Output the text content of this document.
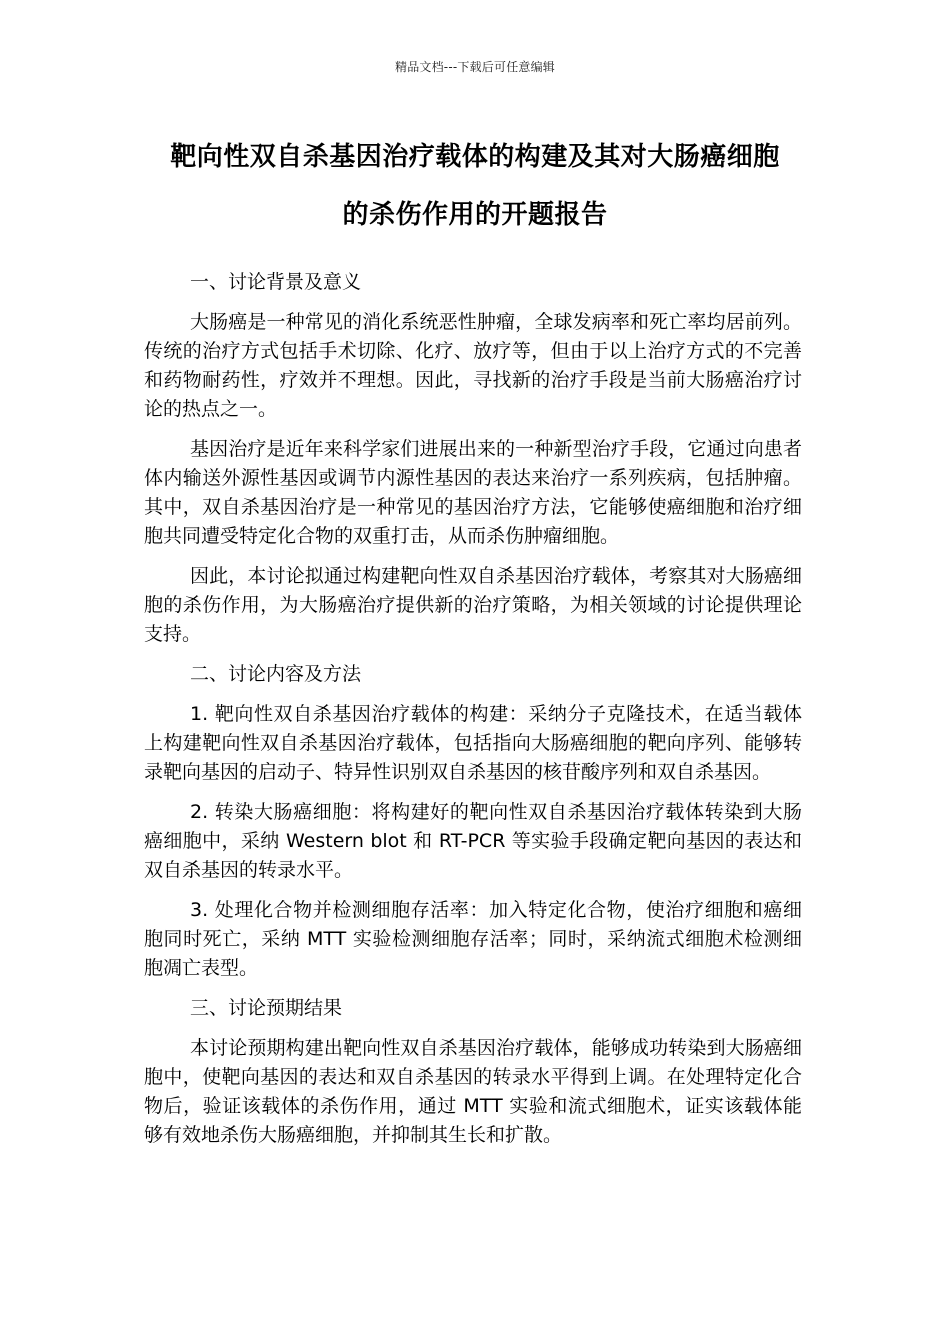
精品文档---下载后可任意编辑
靶向性双自杀基因治疗载体的构建及其对大肠癌细胞
的杀伤作用的开题报告

一、讨论背景及意义

大肠癌是一种常见的消化系统恶性肿瘤，全球发病率和死亡率均居前列。传统的治疗方式包括手术切除、化疗、放疗等，但由于以上治疗方式的不完善和药物耐药性，疗效并不理想。因此，寻找新的治疗手段是当前大肠癌治疗讨论的热点之一。

基因治疗是近年来科学家们进展出来的一种新型治疗手段，它通过向患者体内输送外源性基因或调节内源性基因的表达来治疗一系列疾病，包括肿瘤。其中，双自杀基因治疗是一种常见的基因治疗方法，它能够使癌细胞和治疗细胞共同遭受特定化合物的双重打击，从而杀伤肿瘤细胞。

因此，本讨论拟通过构建靶向性双自杀基因治疗载体，考察其对大肠癌细胞的杀伤作用，为大肠癌治疗提供新的治疗策略，为相关领域的讨论提供理论支持。

二、讨论内容及方法

1. 靶向性双自杀基因治疗载体的构建：采纳分子克隆技术，在适当载体上构建靶向性双自杀基因治疗载体，包括指向大肠癌细胞的靶向序列、能够转录靶向基因的启动子、特异性识别双自杀基因的核苷酸序列和双自杀基因。

2. 转染大肠癌细胞：将构建好的靶向性双自杀基因治疗载体转染到大肠癌细胞中，采纳 Western blot 和 RT-PCR 等实验手段确定靶向基因的表达和双自杀基因的转录水平。

3. 处理化合物并检测细胞存活率：加入特定化合物，使治疗细胞和癌细胞同时死亡，采纳 MTT 实验检测细胞存活率；同时，采纳流式细胞术检测细胞凋亡表型。

三、讨论预期结果

本讨论预期构建出靶向性双自杀基因治疗载体，能够成功转染到大肠癌细胞中，使靶向基因的表达和双自杀基因的转录水平得到上调。在处理特定化合物后，验证该载体的杀伤作用，通过 MTT 实验和流式细胞术，证实该载体能够有效地杀伤大肠癌细胞，并抑制其生长和扩散。
